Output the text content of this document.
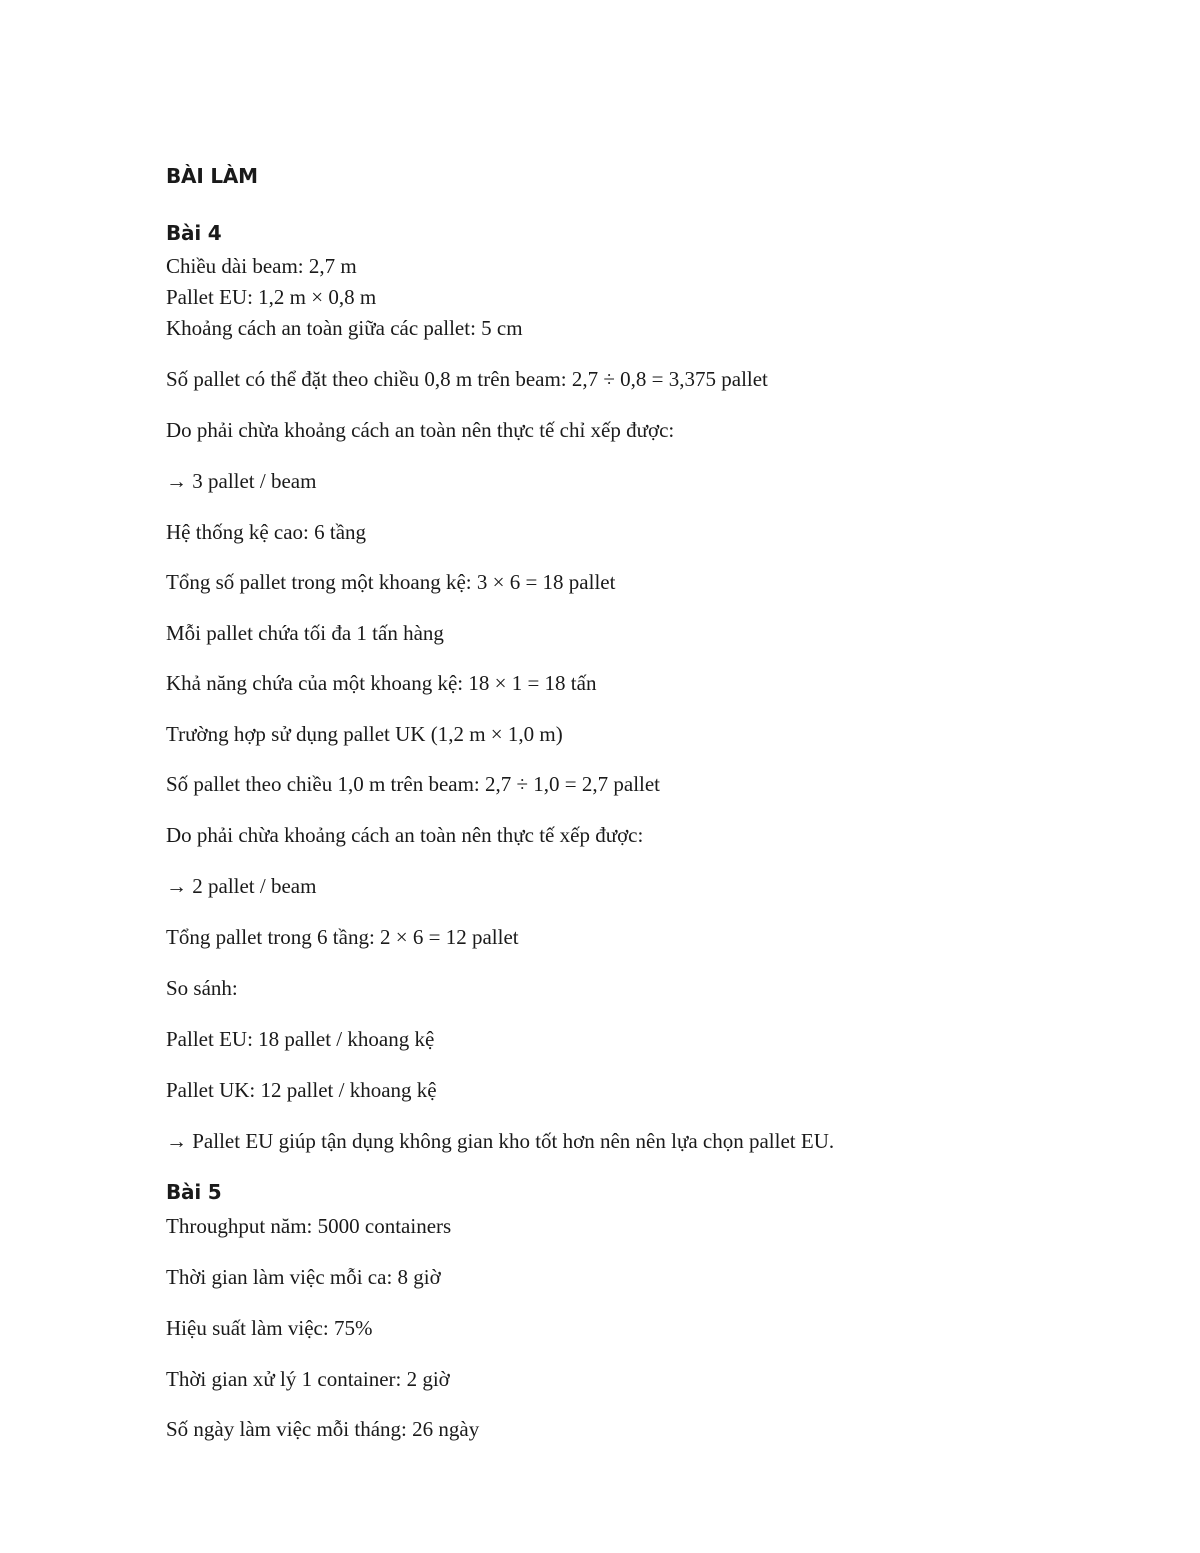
BÀI LÀM
Bài 4
Chiều dài beam: 2,7 m
Pallet EU: 1,2 m × 0,8 m
Khoảng cách an toàn giữa các pallet: 5 cm
Số pallet có thể đặt theo chiều 0,8 m trên beam: 2,7 ÷ 0,8 = 3,375 pallet
Do phải chừa khoảng cách an toàn nên thực tế chỉ xếp được:
→ 3 pallet / beam
Hệ thống kệ cao: 6 tầng
Tổng số pallet trong một khoang kệ: 3 × 6 = 18 pallet
Mỗi pallet chứa tối đa 1 tấn hàng
Khả năng chứa của một khoang kệ: 18 × 1 = 18 tấn
Trường hợp sử dụng pallet UK (1,2 m × 1,0 m)
Số pallet theo chiều 1,0 m trên beam: 2,7 ÷ 1,0 = 2,7 pallet
Do phải chừa khoảng cách an toàn nên thực tế xếp được:
→ 2 pallet / beam
Tổng pallet trong 6 tầng: 2 × 6 = 12 pallet
So sánh:
Pallet EU: 18 pallet / khoang kệ
Pallet UK: 12 pallet / khoang kệ
→ Pallet EU giúp tận dụng không gian kho tốt hơn nên nên lựa chọn pallet EU.
Bài 5
Throughput năm: 5000 containers
Thời gian làm việc mỗi ca: 8 giờ
Hiệu suất làm việc: 75%
Thời gian xử lý 1 container: 2 giờ
Số ngày làm việc mỗi tháng: 26 ngày
